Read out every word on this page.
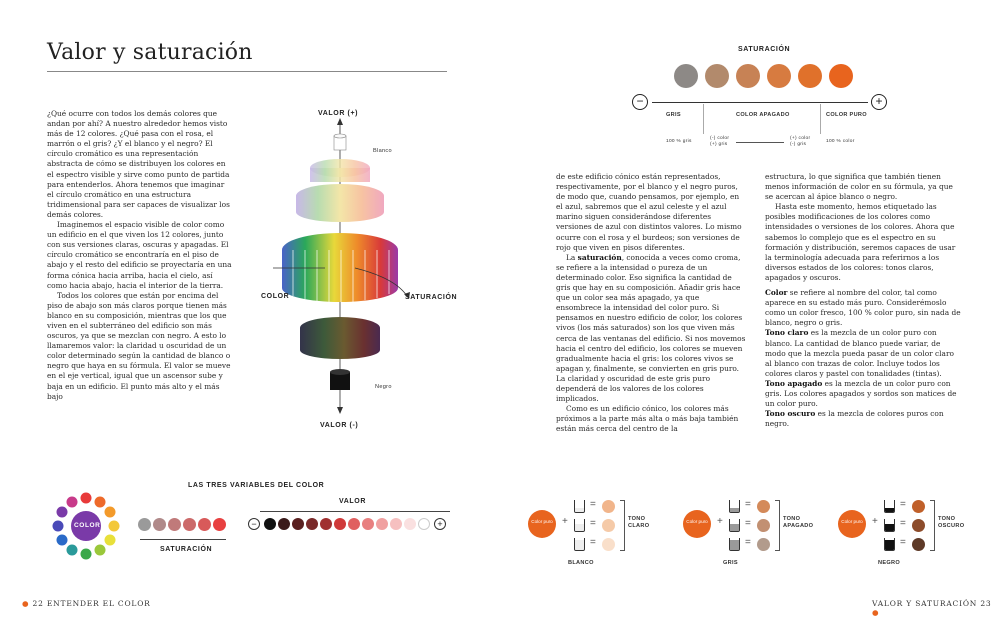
Valor y saturación

¿Qué ocurre con todos los demás colores que andan por ahí? A nuestro alrededor hemos visto más de 12 colores. ¿Qué pasa con el rosa, el marrón o el gris? ¿Y el blanco y el negro? El círculo cromático es una representación abstracta de cómo se distribuyen los colores en el espectro visible y sirve como punto de partida para entenderlos. Ahora tenemos que imaginar el círculo cromático en una estructura tridimensional para ser capaces de visualizar los demás colores.

Imaginemos el espacio visible de color como un edificio en el que viven los 12 colores, junto con sus versiones claras, oscuras y apagadas. El círculo cromático se encontraría en el piso de abajo y el resto del edificio se proyectaría en una forma cónica hacia arriba, hacia el cielo, así como hacia abajo, hacia el interior de la tierra.

Todos los colores que están por encima del piso de abajo son más claros porque tienen más blanco en su composición, mientras que los que viven en el subterráneo del edificio son más oscuros, ya que se mezclan con negro. A esto lo llamaremos valor: la claridad u oscuridad de un color determinado según la cantidad de blanco o negro que haya en su fórmula. El valor se mueve en el eje vertical, igual que un ascensor sube y baja en un edificio. El punto más alto y el más bajo

VALOR (+)
Blanco
COLOR	SATURACIÓN
Negro
VALOR (-)
LAS TRES VARIABLES DEL COLOR
COLOR
SATURACIÓN
VALOR
−	+
● 22 ENTENDER EL COLOR
SATURACIÓN
−	+
GRIS	COLOR APAGADO	COLOR PURO
100 % gris
(-) color
(+) gris
(+) color
(-) gris
100 % color

de este edificio cónico están representados, respectivamente, por el blanco y el negro puros, de modo que, cuando pensamos, por ejemplo, en el azul, sabremos que el azul celeste y el azul marino siguen considerándose diferentes versiones de azul con distintos valores. Lo mismo ocurre con el rosa y el burdeos; son versiones de rojo que viven en pisos diferentes.

La saturación, conocida a veces como croma, se refiere a la intensidad o pureza de un determinado color. Eso significa la cantidad de gris que hay en su composición. Añadir gris hace que un color sea más apagado, ya que ensombrece la intensidad del color puro. Si pensamos en nuestro edificio de color, los colores vivos (los más saturados) son los que viven más cerca de las ventanas del edificio. Si nos movemos hacia el centro del edificio, los colores se mueven gradualmente hacia el gris: los colores vivos se apagan y, finalmente, se convierten en gris puro. La claridad y oscuridad de este gris puro dependerá de los valores de los colores implicados.

Como es un edificio cónico, los colores más próximos a la parte más alta o más baja también están más cerca del centro de la

estructura, lo que significa que también tienen menos información de color en su fórmula, ya que se acercan al ápice blanco o negro.

Hasta este momento, hemos etiquetado las posibles modificaciones de los colores como intensidades o versiones de los colores. Ahora que sabemos lo complejo que es el espectro en su formación y distribución, seremos capaces de usar la terminología adecuada para referirnos a los diversos estados de los colores: tonos claros, apagados y oscuros.

Color se refiere al nombre del color, tal como aparece en su estado más puro. Considerémoslo como un color fresco, 100 % color puro, sin nada de blanco, negro o gris.

Tono claro es la mezcla de un color puro con blanco. La cantidad de blanco puede variar, de modo que la mezcla pueda pasar de un color claro al blanco con trazas de color. Incluye todos los colores claros y pastel con tonalidades (tintas).

Tono apagado es la mezcla de un color puro con gris. Los colores apagados y sordos son matices de un color puro.

Tono oscuro es la mezcla de colores puros con negro.

Color puro +
=
=
=
TONO CLARO
BLANCO
Color puro +
=
=
=
TONO APAGADO
GRIS
Color puro +
=
=
=
TONO OSCURO
NEGRO
VALOR Y SATURACIÓN 23 ●
